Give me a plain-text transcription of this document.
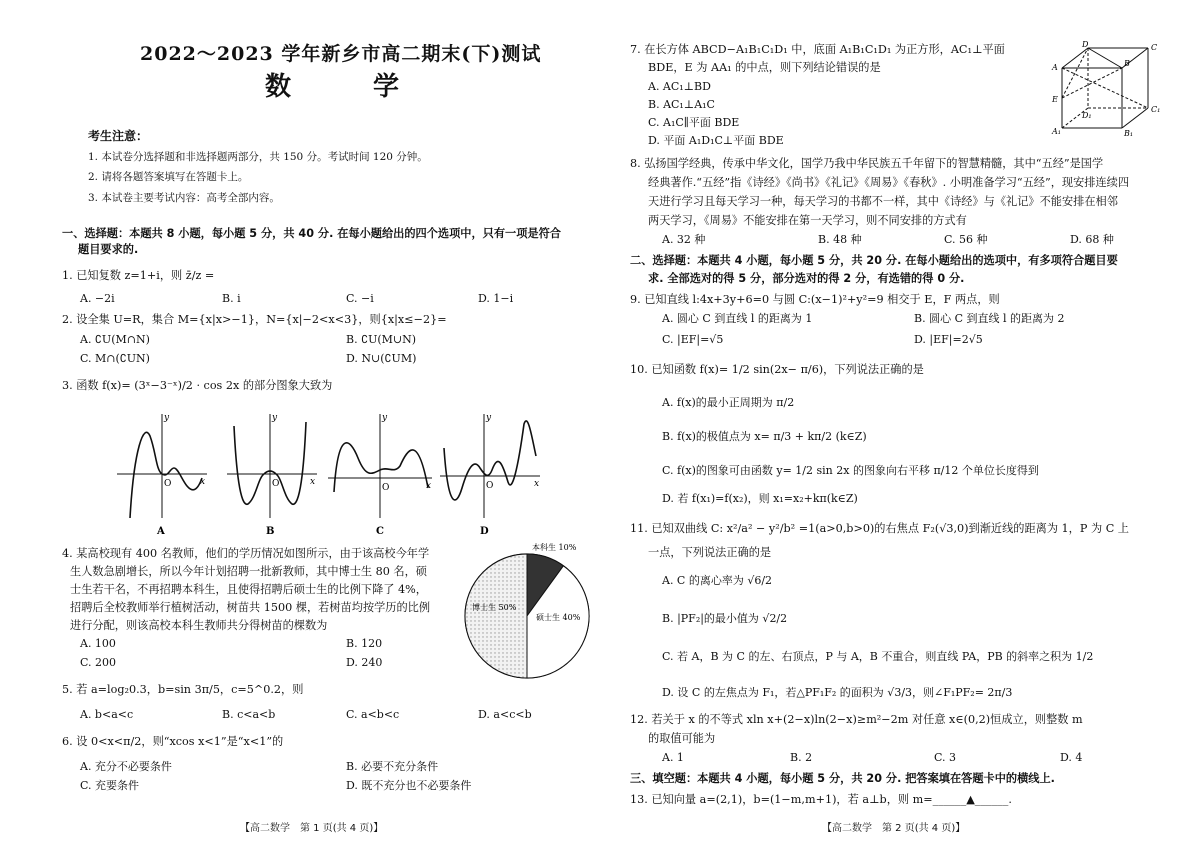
2022～2023 学年新乡市高二期末(下)测试
数　学
考生注意：
1. 本试卷分选择题和非选择题两部分，共 150 分。考试时间 120 分钟。
2. 请将各题答案填写在答题卡上。
3. 本试卷主要考试内容：高考全部内容。
一、选择题：本题共 8 小题，每小题 5 分，共 40 分. 在每小题给出的四个选项中，只有一项是符合
题目要求的.
1. 已知复数 z=1+i，则 z̄/z =
A. −2i	B. i	C. −i	D. 1−i
2. 设全集 U=R，集合 M={x|x>−1}，N={x|−2<x<3}，则{x|x≤−2}=
A. ∁U(M∩N)	B. ∁U(M∪N)
C. M∩(∁UN)	D. N∪(∁UM)
3. 函数 f(x)= (3ˣ−3⁻ˣ)/2 · cos 2x 的部分图象大致为
y
x
O
A
y
x
O
B
y
x
O
C
y
x
O
D
4. 某高校现有 400 名教师，他们的学历情况如图所示，由于该高校今年学
生人数急剧增长，所以今年计划招聘一批新教师，其中博士生 80 名，硕
士生若干名，不再招聘本科生，且使得招聘后硕士生的比例下降了 4%，
招聘后全校教师举行植树活动，树苗共 1500 棵，若树苗均按学历的比例
进行分配，则该高校本科生教师共分得树苗的棵数为
A. 100	B. 120
C. 200	D. 240
本科生 10%
硕士生 40%
博士生 50%
5. 若 a=log₂0.3，b=sin 3π/5，c=5^0.2，则
A. b<a<c	B. c<a<b	C. a<b<c	D. a<c<b
6. 设 0<x<π/2，则“xcos x<1”是“x<1”的
A. 充分不必要条件	B. 必要不充分条件
C. 充要条件	D. 既不充分也不必要条件
【高二数学　第 1 页(共 4 页)】
7. 在长方体 ABCD−A₁B₁C₁D₁ 中，底面 A₁B₁C₁D₁ 为正方形，AC₁⊥平面
BDE，E 为 AA₁ 的中点，则下列结论错误的是
A. AC₁⊥BD
B. AC₁⊥A₁C
C. A₁C∥平面 BDE
D. 平面 A₁D₁C⊥平面 BDE
D	C
A	B
E
D₁
C₁
A₁	B₁
8. 弘扬国学经典，传承中华文化，国学乃我中华民族五千年留下的智慧精髓，其中“五经”是国学
经典著作.“五经”指《诗经》《尚书》《礼记》《周易》《春秋》. 小明准备学习“五经”，现安排连续四
天进行学习且每天学习一种，每天学习的书都不一样，其中《诗经》与《礼记》不能安排在相邻
两天学习，《周易》不能安排在第一天学习，则不同安排的方式有
A. 32 种	B. 48 种	C. 56 种	D. 68 种
二、选择题：本题共 4 小题，每小题 5 分，共 20 分. 在每小题给出的选项中，有多项符合题目要
求. 全部选对的得 5 分，部分选对的得 2 分，有选错的得 0 分.
9. 已知直线 l:4x+3y+6=0 与圆 C:(x−1)²+y²=9 相交于 E，F 两点，则
A. 圆心 C 到直线 l 的距离为 1	B. 圆心 C 到直线 l 的距离为 2
C. |EF|=√5	D. |EF|=2√5
10. 已知函数 f(x)= 1/2 sin(2x− π/6)，下列说法正确的是
A. f(x)的最小正周期为 π/2
B. f(x)的极值点为 x= π/3 + kπ/2 (k∈Z)
C. f(x)的图象可由函数 y= 1/2 sin 2x 的图象向右平移 π/12 个单位长度得到
D. 若 f(x₁)=f(x₂)，则 x₁=x₂+kπ(k∈Z)
11. 已知双曲线 C: x²/a² − y²/b² =1(a>0,b>0)的右焦点 F₂(√3,0)到渐近线的距离为 1，P 为 C 上
一点，下列说法正确的是
A. C 的离心率为 √6/2
B. |PF₂|的最小值为 √2/2
C. 若 A，B 为 C 的左、右顶点，P 与 A，B 不重合，则直线 PA，PB 的斜率之积为 1/2
D. 设 C 的左焦点为 F₁，若△PF₁F₂ 的面积为 √3/3，则∠F₁PF₂= 2π/3
12. 若关于 x 的不等式 xln x+(2−x)ln(2−x)≥m²−2m 对任意 x∈(0,2)恒成立，则整数 m
的取值可能为
A. 1	B. 2	C. 3	D. 4
三、填空题：本题共 4 小题，每小题 5 分，共 20 分. 把答案填在答题卡中的横线上.
13. 已知向量 a=(2,1)，b=(1−m,m+1)，若 a⊥b，则 m=______▲______.
【高二数学　第 2 页(共 4 页)】
